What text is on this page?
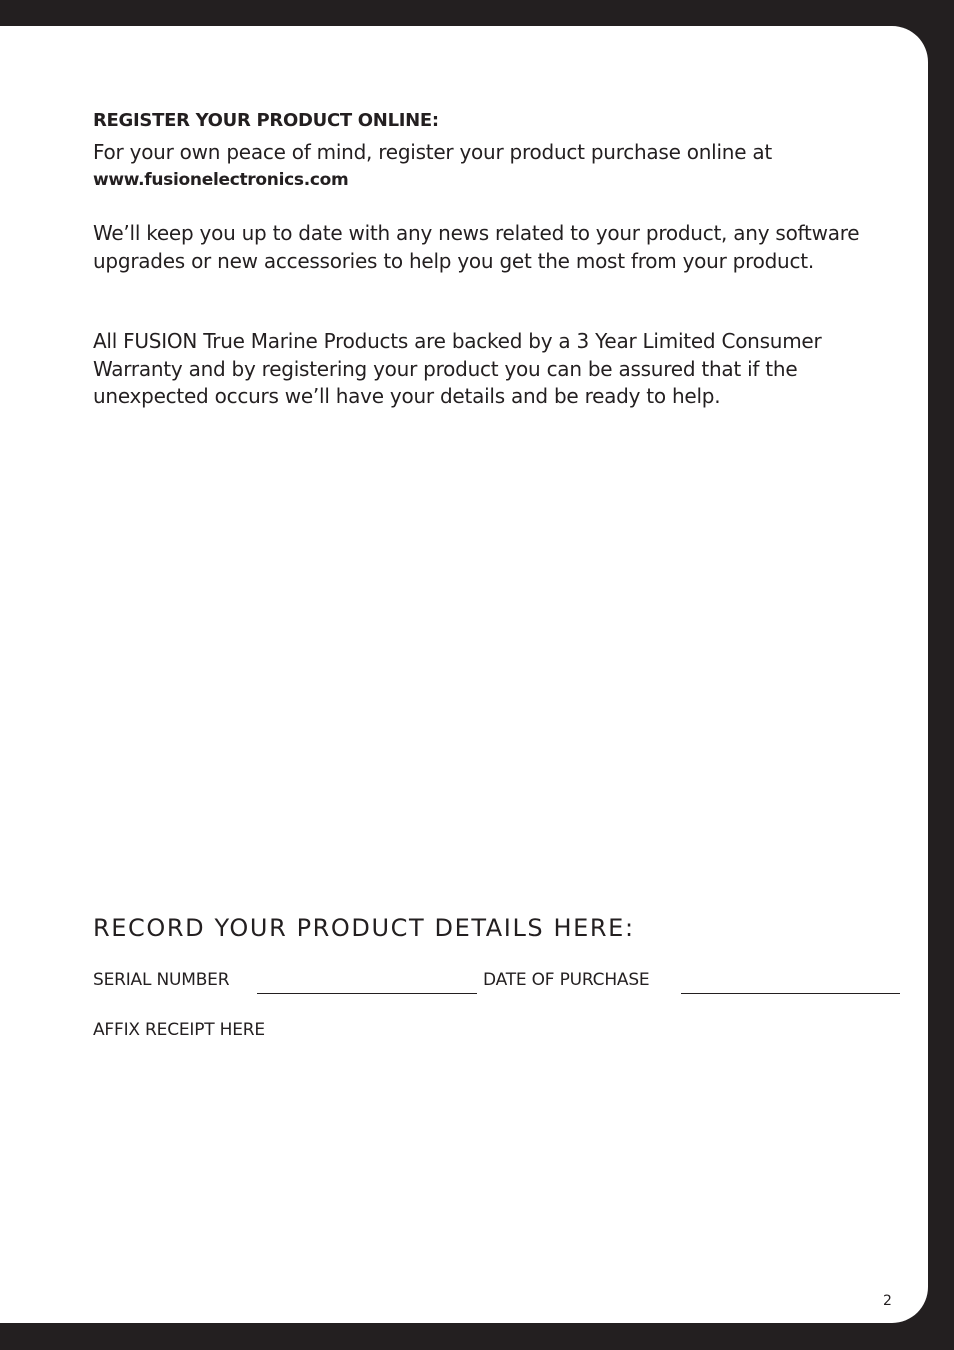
REGISTER YOUR PRODUCT ONLINE:

For your own peace of mind, register your product purchase online at
www.fusionelectronics.com

We’ll keep you up to date with any news related to your product, any software upgrades or new accessories to help you get the most from your product.

All FUSION True Marine Products are backed by a 3 Year Limited Consumer Warranty and by registering your product you can be assured that if the unexpected occurs we’ll have your details and be ready to help.

RECORD YOUR PRODUCT DETAILS HERE:
SERIAL NUMBER	DATE OF PURCHASE
AFFIX RECEIPT HERE
2
